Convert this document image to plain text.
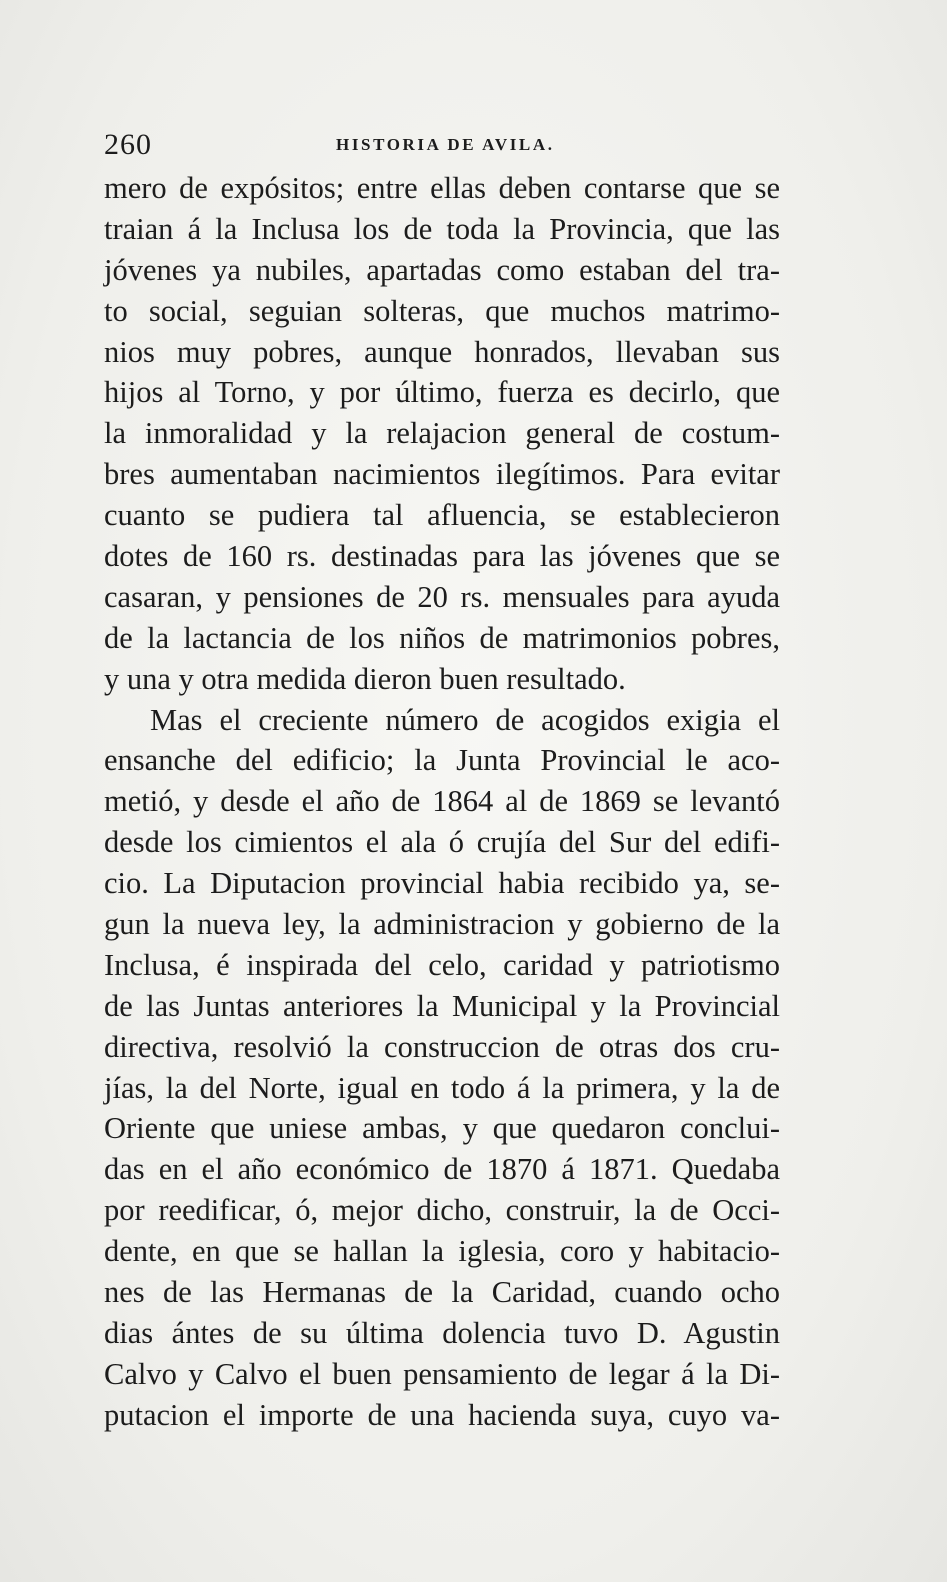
260	HISTORIA DE AVILA.
mero de expósitos; entre ellas deben contarse que se
traian á la Inclusa los de toda la Provincia, que las
jóvenes ya nubiles, apartadas como estaban del tra-
to social, seguian solteras, que muchos matrimo-
nios muy pobres, aunque honrados, llevaban sus
hijos al Torno, y por último, fuerza es decirlo, que
la inmoralidad y la relajacion general de costum-
bres aumentaban nacimientos ilegítimos. Para evitar
cuanto se pudiera tal afluencia, se establecieron
dotes de 160 rs. destinadas para las jóvenes que se
casaran, y pensiones de 20 rs. mensuales para ayuda
de la lactancia de los niños de matrimonios pobres,
y una y otra medida dieron buen resultado.
Mas el creciente número de acogidos exigia el
ensanche del edificio; la Junta Provincial le aco-
metió, y desde el año de 1864 al de 1869 se levantó
desde los cimientos el ala ó crujía del Sur del edifi-
cio. La Diputacion provincial habia recibido ya, se-
gun la nueva ley, la administracion y gobierno de la
Inclusa, é inspirada del celo, caridad y patriotismo
de las Juntas anteriores la Municipal y la Provincial
directiva, resolvió la construccion de otras dos cru-
jías, la del Norte, igual en todo á la primera, y la de
Oriente que uniese ambas, y que quedaron conclui-
das en el año económico de 1870 á 1871. Quedaba
por reedificar, ó, mejor dicho, construir, la de Occi-
dente, en que se hallan la iglesia, coro y habitacio-
nes de las Hermanas de la Caridad, cuando ocho
dias ántes de su última dolencia tuvo D. Agustin
Calvo y Calvo el buen pensamiento de legar á la Di-
putacion el importe de una hacienda suya, cuyo va-
